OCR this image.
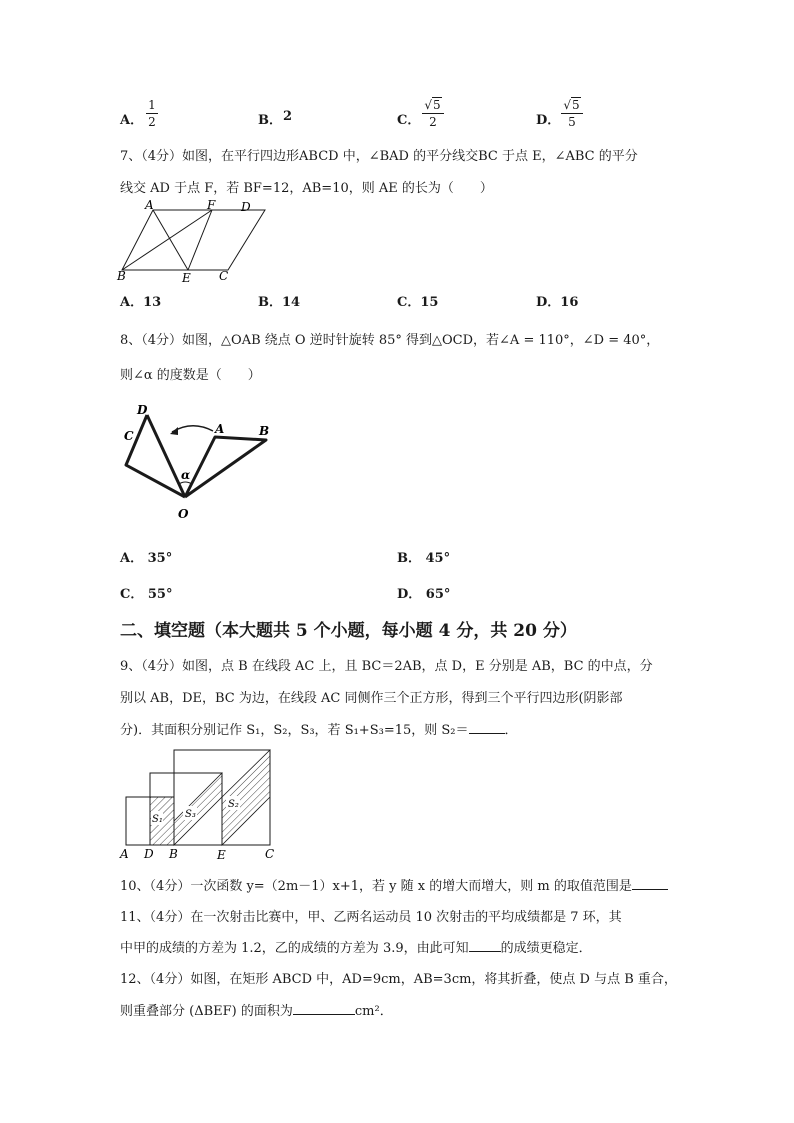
A．
1
2	B． 2	C．
√5
2	D．
√5
5
7、（4分）如图，在平行四边形ABCD 中，∠BAD 的平分线交BC 于点 E，∠ABC 的平分
线交 AD 于点 F，若 BF=12，AB=10，则 AE 的长为（　　）
A	F D
B	E C
A．13	B．14	C．15	D．16
8、（4分）如图，△OAB 绕点 O 逆时针旋转 85° 得到△OCD，若∠A = 110°，∠D = 40°，
则∠α 的度数是（　　）
D
A	B
C
α
O
A． 35°	B． 45°
C． 55°	D． 65°
二、填空题（本大题共 5 个小题，每小题 4 分，共 20 分）
9、（4分）如图，点 B 在线段 AC 上，且 BC＝2AB，点 D，E 分别是 AB，BC 的中点，分
别以 AB，DE，BC 为边，在线段 AC 同侧作三个正方形，得到三个平行四边形(阴影部
分)．其面积分别记作 S₁，S₂，S₃，若 S₁+S₃=15，则 S₂＝	．
S₁ S₃
S₂
A D B	E	C
10、（4分）一次函数 y=（2m－1）x+1，若 y 随 x 的增大而增大，则 m 的取值范围是
11、（4分）在一次射击比赛中，甲、乙两名运动员 10 次射击的平均成绩都是 7 环，其
中甲的成绩的方差为 1.2，乙的成绩的方差为 3.9，由此可知 的成绩更稳定．
12、（4分）如图，在矩形 ABCD 中，AD=9cm，AB=3cm，将其折叠，使点 D 与点 B 重合，
则重叠部分 (ΔBEF) 的面积为	cm²．
